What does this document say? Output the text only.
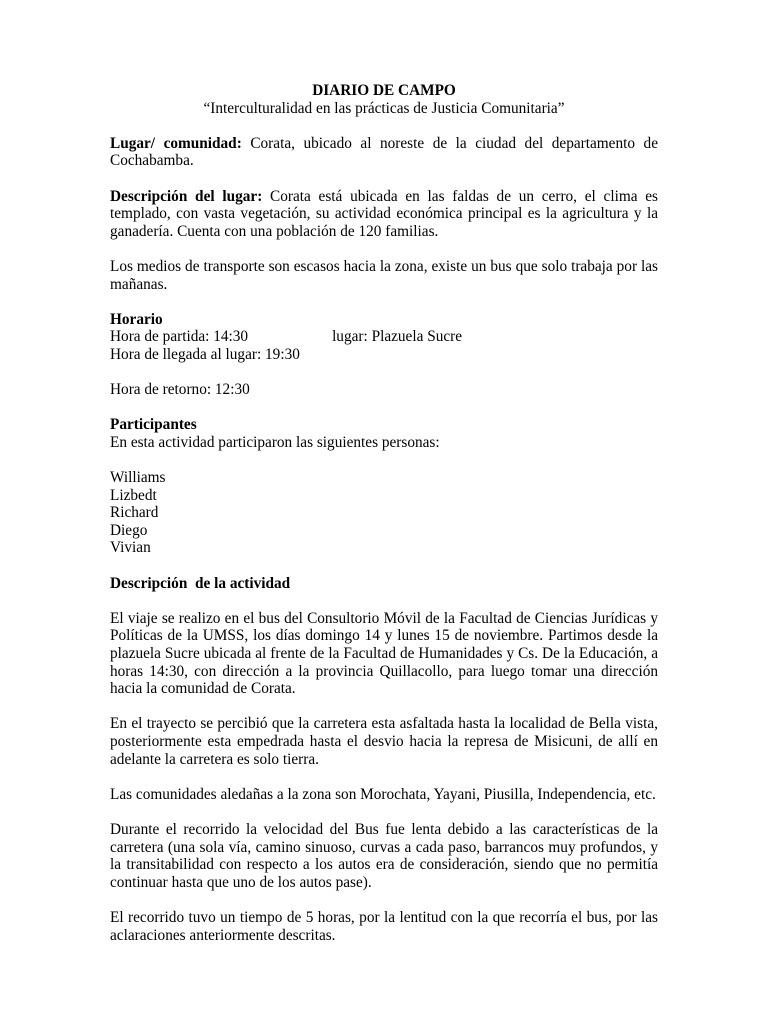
DIARIO DE CAMPO
“Interculturalidad en las prácticas de Justicia Comunitaria”

Lugar/ comunidad: Corata, ubicado al noreste de la ciudad del departamento de Cochabamba.

Descripción del lugar: Corata está ubicada en las faldas de un cerro, el clima es templado, con vasta vegetación, su actividad económica principal es la agricultura y la ganadería. Cuenta con una población de 120 familias.

Los medios de transporte son escasos hacia la zona, existe un bus que solo trabaja por las mañanas.

Horario
Hora de partida: 14:30	lugar: Plazuela Sucre
Hora de llegada al lugar: 19:30
Hora de retorno: 12:30
Participantes
En esta actividad participaron las siguientes personas:
Williams
Lizbedt
Richard
Diego
Vivian
Descripción  de la actividad

El viaje se realizo en el bus del Consultorio Móvil de la Facultad de Ciencias Jurídicas y Políticas de la UMSS, los días domingo 14 y lunes 15 de noviembre. Partimos desde la plazuela Sucre ubicada al frente de la Facultad de Humanidades y Cs. De la Educación, a horas 14:30, con dirección a la provincia Quillacollo, para luego tomar una dirección hacia la comunidad de Corata.

En el trayecto se percibió que la carretera esta asfaltada hasta la localidad de Bella vista, posteriormente esta empedrada hasta el desvio hacia la represa de Misicuni, de allí en adelante la carretera es solo tierra.

Las comunidades aledañas a la zona son Morochata, Yayani, Piusilla, Independencia, etc.

Durante el recorrido la velocidad del Bus fue lenta debido a las características de la carretera (una sola vía, camino sinuoso, curvas a cada paso, barrancos muy profundos, y la transitabilidad con respecto a los autos era de consideración, siendo que no permitía continuar hasta que uno de los autos pase).

El recorrido tuvo un tiempo de 5 horas, por la lentitud con la que recorría el bus, por las aclaraciones anteriormente descritas.
